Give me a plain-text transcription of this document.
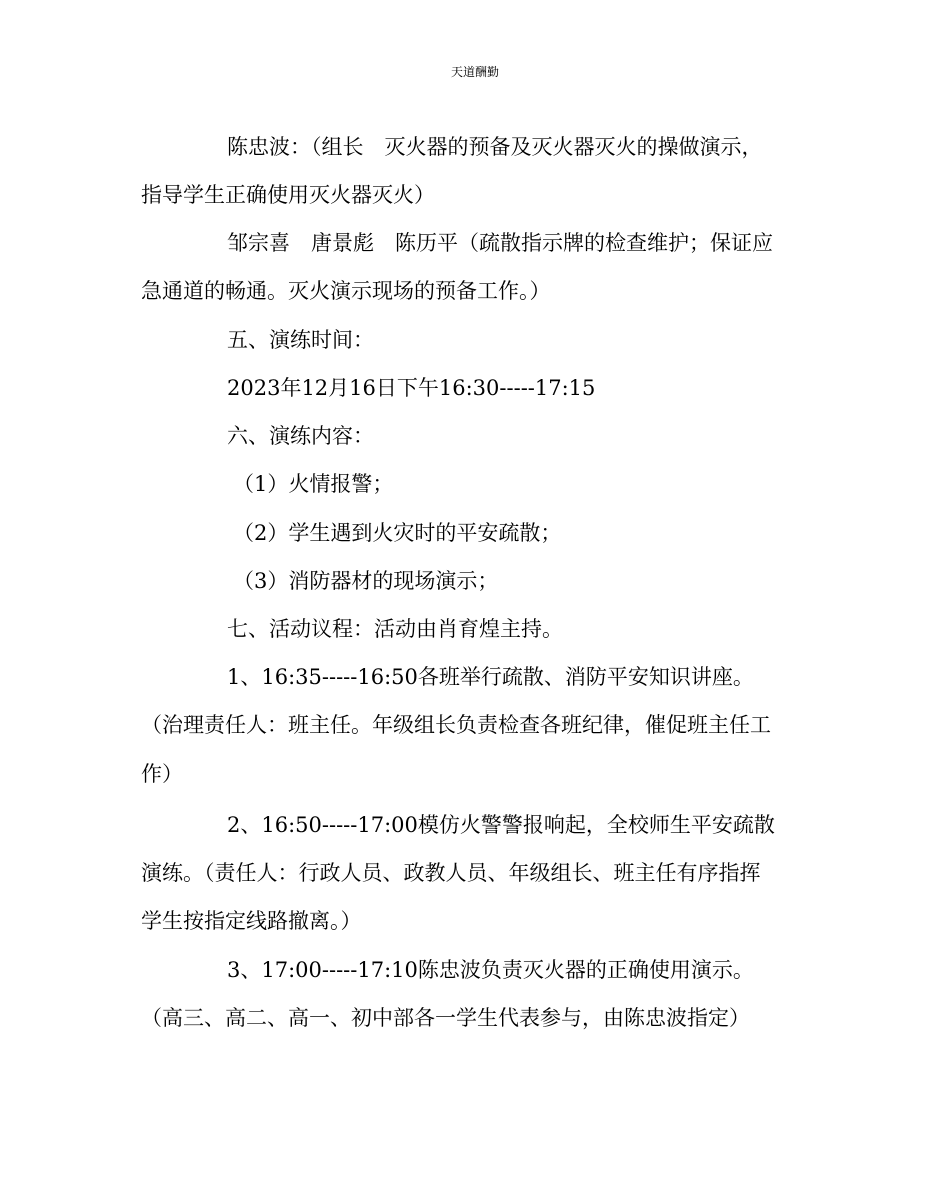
天道酬勤
陈忠波：（组长 灭火器的预备及灭火器灭火的操做演示，
指导学生正确使用灭火器灭火）
邹宗喜 唐景彪 陈历平（疏散指示牌的检查维护；保证应
急通道的畅通。灭火演示现场的预备工作。）
五、演练时间：
2023年12月16日下午16:30-----17:15
六、演练内容：
（1）火情报警；
（2）学生遇到火灾时的平安疏散；
（3）消防器材的现场演示；
七、活动议程：活动由肖育煌主持。
1、16:35-----16:50各班举行疏散、消防平安知识讲座。
（治理责任人：班主任。年级组长负责检查各班纪律，催促班主任工
作）
2、16:50-----17:00模仿火警警报响起，全校师生平安疏散
演练。（责任人：行政人员、政教人员、年级组长、班主任有序指挥
学生按指定线路撤离。）
3、17:00-----17:10陈忠波负责灭火器的正确使用演示。
（高三、高二、高一、初中部各一学生代表参与，由陈忠波指定）
